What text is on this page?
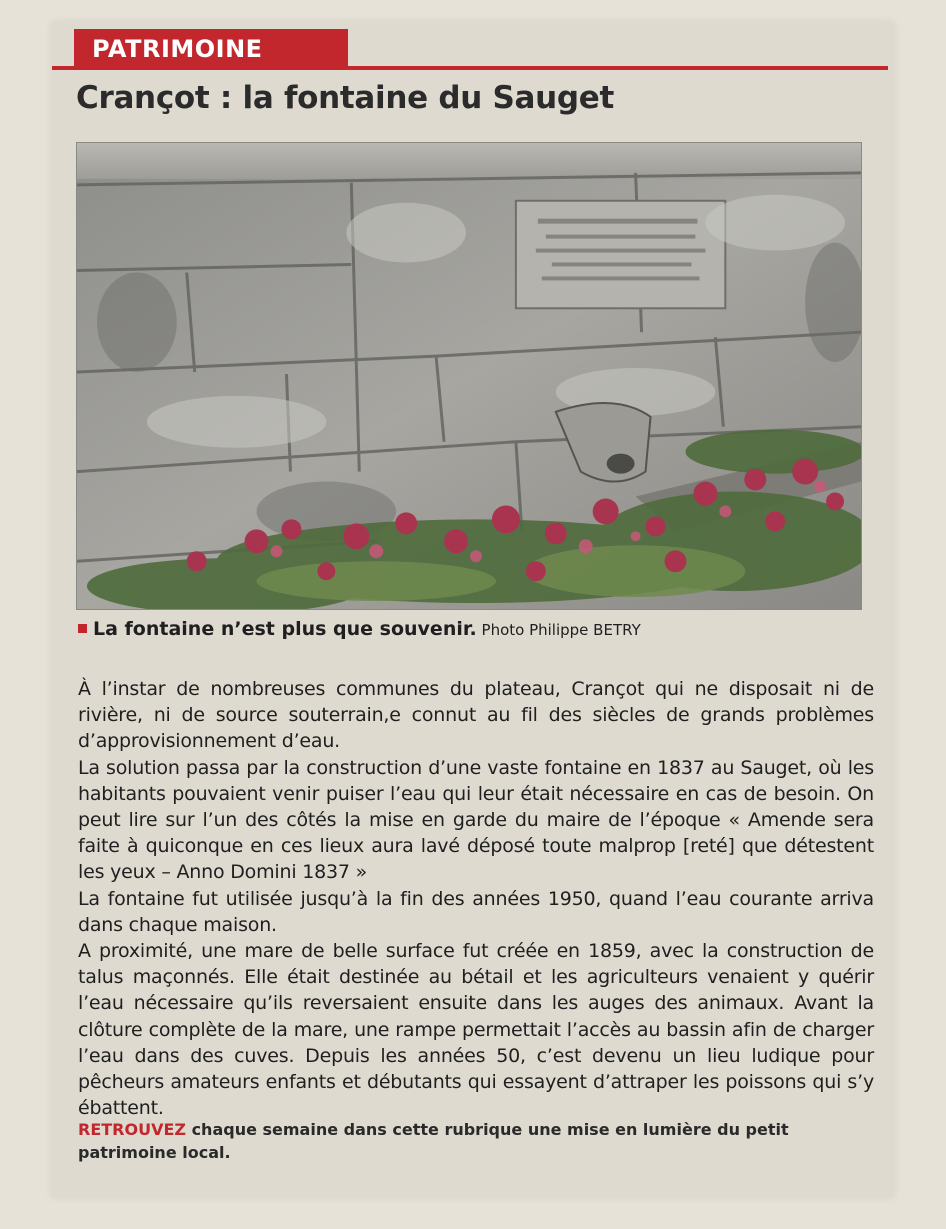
PATRIMOINE
Crançot : la fontaine du Sauget
La fontaine n’est plus que souvenir. Photo Philippe BETRY

À l’instar de nombreuses communes du plateau, Crançot qui ne disposait ni de rivière, ni de source souterrain,e connut au fil des siècles de grands problèmes d’approvisionnement d’eau.

La solution passa par la construction d’une vaste fontaine en 1837 au Sauget, où les habitants pouvaient venir puiser l’eau qui leur était nécessaire en cas de besoin. On peut lire sur l’un des côtés la mise en garde du maire de l’époque « Amende sera faite à quiconque en ces lieux aura lavé déposé toute malprop [reté] que détestent les yeux – Anno Domini 1837 »

La fontaine fut utilisée jusqu’à la fin des années 1950, quand l’eau courante arriva dans chaque maison.

A proximité, une mare de belle surface fut créée en 1859, avec la construction de talus maçonnés. Elle était destinée au bétail et les agriculteurs venaient y quérir l’eau nécessaire qu’ils reversaient ensuite dans les auges des animaux. Avant la clôture complète de la mare, une rampe permettait l’accès au bassin afin de charger l’eau dans des cuves. Depuis les années 50, c’est devenu un lieu ludique pour pêcheurs amateurs enfants et débutants qui essayent d’attraper les poissons qui s’y ébattent.

RETROUVEZ chaque semaine dans cette rubrique une mise en lumière du petit patrimoine local.
